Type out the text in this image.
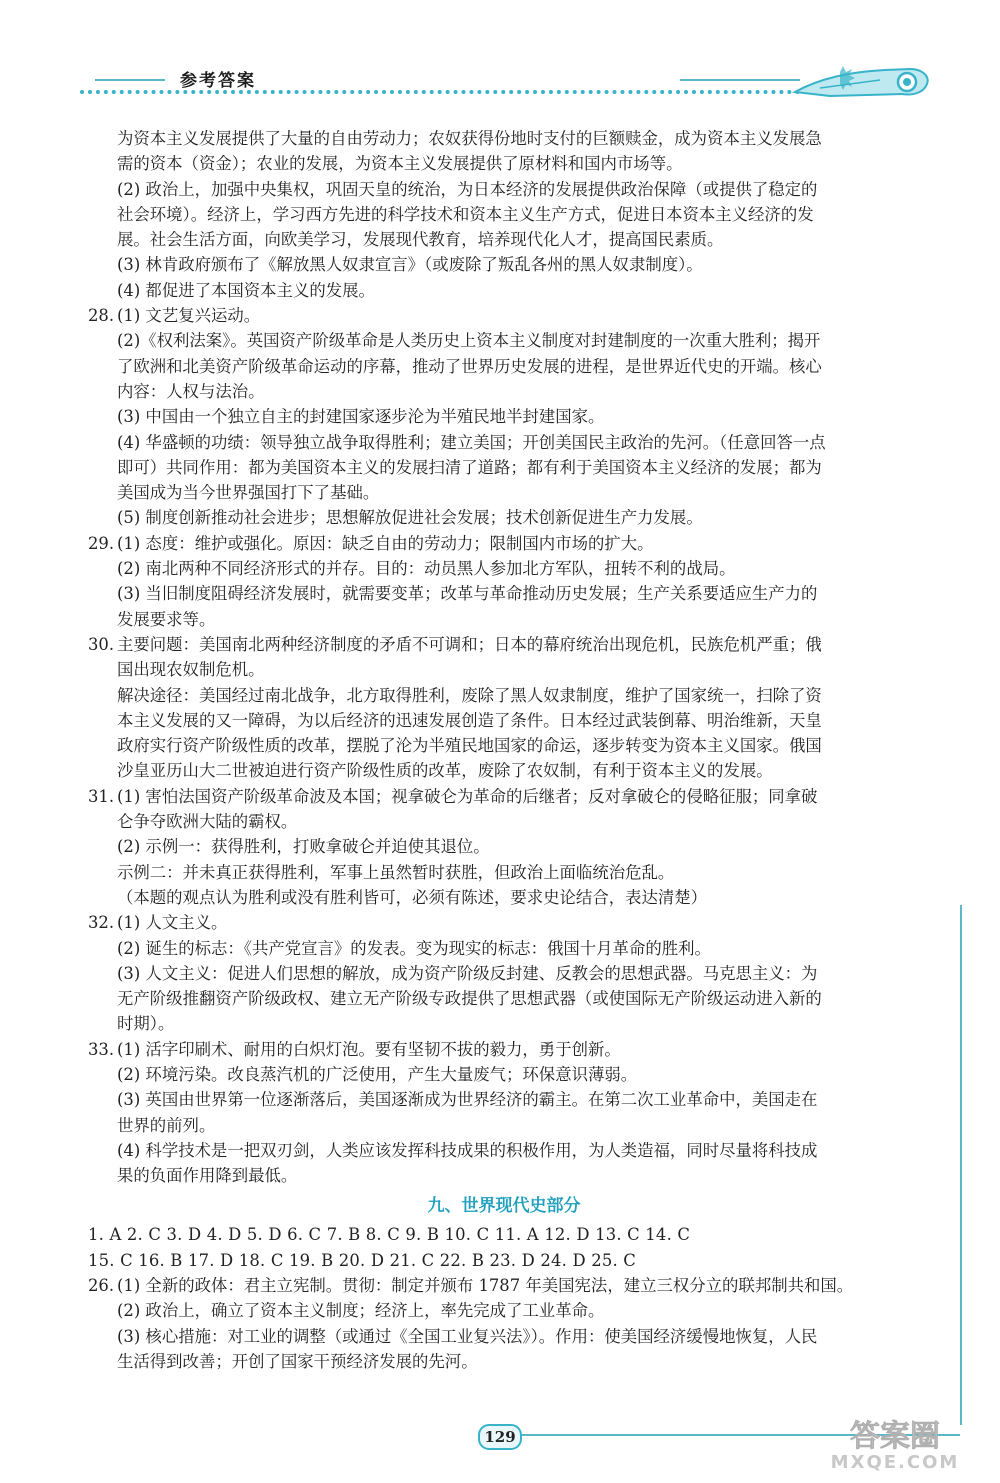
参考答案
为资本主义发展提供了大量的自由劳动力；农奴获得份地时支付的巨额赎金，成为资本主义发展急
需的资本（资金）；农业的发展，为资本主义发展提供了原材料和国内市场等。
(2) 政治上，加强中央集权，巩固天皇的统治，为日本经济的发展提供政治保障（或提供了稳定的
社会环境）。经济上，学习西方先进的科学技术和资本主义生产方式，促进日本资本主义经济的发
展。社会生活方面，向欧美学习，发展现代教育，培养现代化人才，提高国民素质。
(3) 林肯政府颁布了《解放黑人奴隶宣言》（或废除了叛乱各州的黑人奴隶制度）。
(4) 都促进了本国资本主义的发展。
28. (1) 文艺复兴运动。
(2)《权利法案》。英国资产阶级革命是人类历史上资本主义制度对封建制度的一次重大胜利；揭开
了欧洲和北美资产阶级革命运动的序幕，推动了世界历史发展的进程，是世界近代史的开端。核心
内容：人权与法治。
(3) 中国由一个独立自主的封建国家逐步沦为半殖民地半封建国家。
(4) 华盛顿的功绩：领导独立战争取得胜利；建立美国；开创美国民主政治的先河。（任意回答一点
即可）共同作用：都为美国资本主义的发展扫清了道路；都有利于美国资本主义经济的发展；都为
美国成为当今世界强国打下了基础。
(5) 制度创新推动社会进步；思想解放促进社会发展；技术创新促进生产力发展。
29. (1) 态度：维护或强化。原因：缺乏自由的劳动力；限制国内市场的扩大。
(2) 南北两种不同经济形式的并存。目的：动员黑人参加北方军队，扭转不利的战局。
(3) 当旧制度阻碍经济发展时，就需要变革；改革与革命推动历史发展；生产关系要适应生产力的
发展要求等。
30. 主要问题：美国南北两种经济制度的矛盾不可调和；日本的幕府统治出现危机，民族危机严重；俄
国出现农奴制危机。
解决途径：美国经过南北战争，北方取得胜利，废除了黑人奴隶制度，维护了国家统一，扫除了资
本主义发展的又一障碍，为以后经济的迅速发展创造了条件。日本经过武装倒幕、明治维新，天皇
政府实行资产阶级性质的改革，摆脱了沦为半殖民地国家的命运，逐步转变为资本主义国家。俄国
沙皇亚历山大二世被迫进行资产阶级性质的改革，废除了农奴制，有利于资本主义的发展。
31. (1) 害怕法国资产阶级革命波及本国；视拿破仑为革命的后继者；反对拿破仑的侵略征服；同拿破
仑争夺欧洲大陆的霸权。
(2) 示例一：获得胜利，打败拿破仑并迫使其退位。
示例二：并未真正获得胜利，军事上虽然暂时获胜，但政治上面临统治危乱。
（本题的观点认为胜利或没有胜利皆可，必须有陈述，要求史论结合，表达清楚）
32. (1) 人文主义。
(2) 诞生的标志：《共产党宣言》的发表。变为现实的标志：俄国十月革命的胜利。
(3) 人文主义：促进人们思想的解放，成为资产阶级反封建、反教会的思想武器。马克思主义：为
无产阶级推翻资产阶级政权、建立无产阶级专政提供了思想武器（或使国际无产阶级运动进入新的
时期）。
33. (1) 活字印刷术、耐用的白炽灯泡。要有坚韧不拔的毅力，勇于创新。
(2) 环境污染。改良蒸汽机的广泛使用，产生大量废气；环保意识薄弱。
(3) 英国由世界第一位逐渐落后，美国逐渐成为世界经济的霸主。在第二次工业革命中，美国走在
世界的前列。
(4) 科学技术是一把双刃剑，人类应该发挥科技成果的积极作用，为人类造福，同时尽量将科技成
果的负面作用降到最低。
九、世界现代史部分
1. A 2. C 3. D 4. D 5. D 6. C 7. B 8. C 9. B 10. C 11. A 12. D 13. C 14. C
15. C 16. B 17. D 18. C 19. B 20. D 21. C 22. B 23. D 24. D 25. C
26. (1) 全新的政体：君主立宪制。贯彻：制定并颁布 1787 年美国宪法，建立三权分立的联邦制共和国。
(2) 政治上，确立了资本主义制度；经济上，率先完成了工业革命。
(3) 核心措施：对工业的调整（或通过《全国工业复兴法》）。作用：使美国经济缓慢地恢复，人民
生活得到改善；开创了国家干预经济发展的先河。
129	答案圈
MXQE.COM
